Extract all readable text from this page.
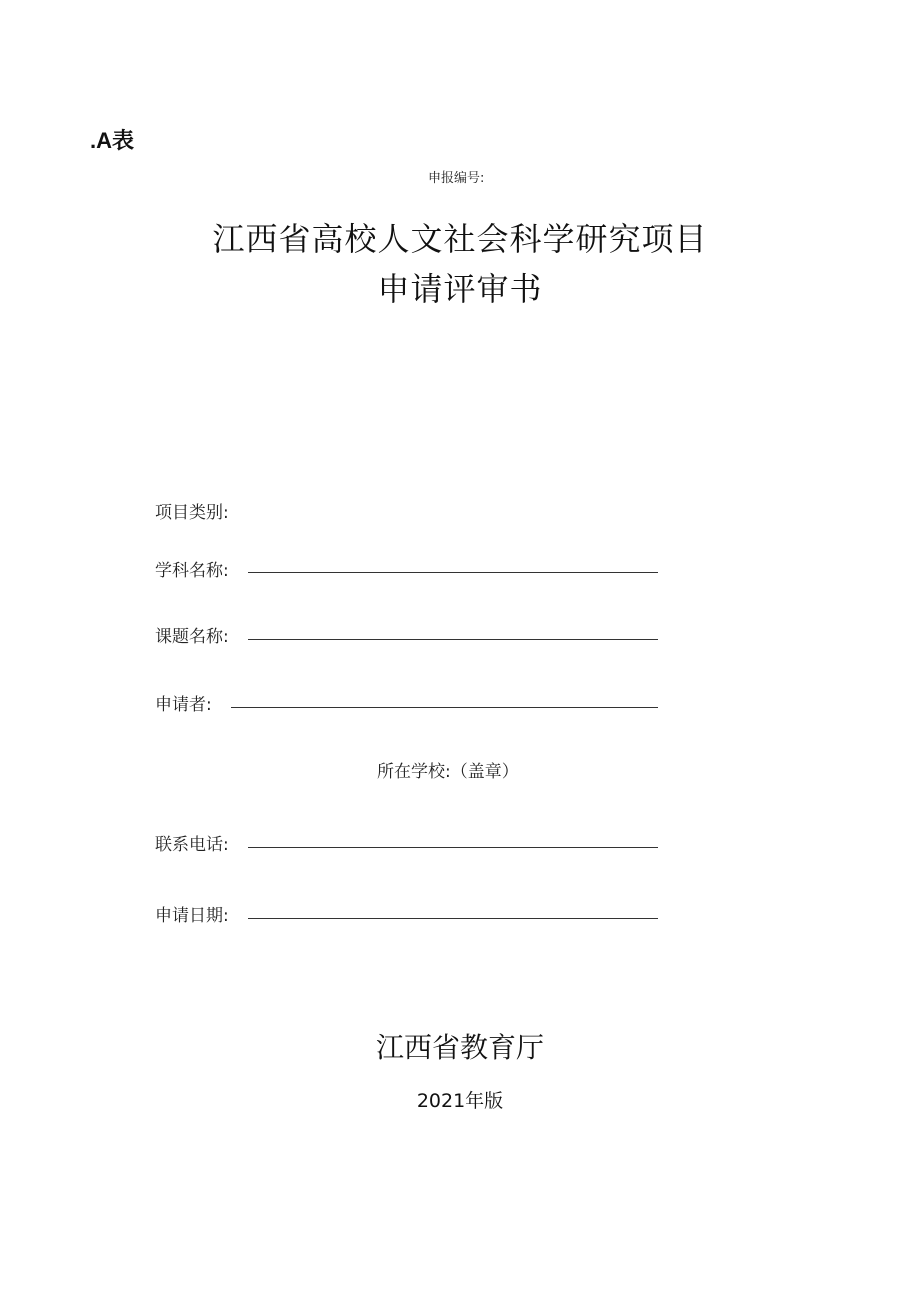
.A表
申报编号:
江西省高校人文社会科学研究项目
申请评审书
项目类别:
学科名称:
课题名称:
申请者:
所在学校:（盖章）
联系电话:
申请日期:
江西省教育厅
2021年版
